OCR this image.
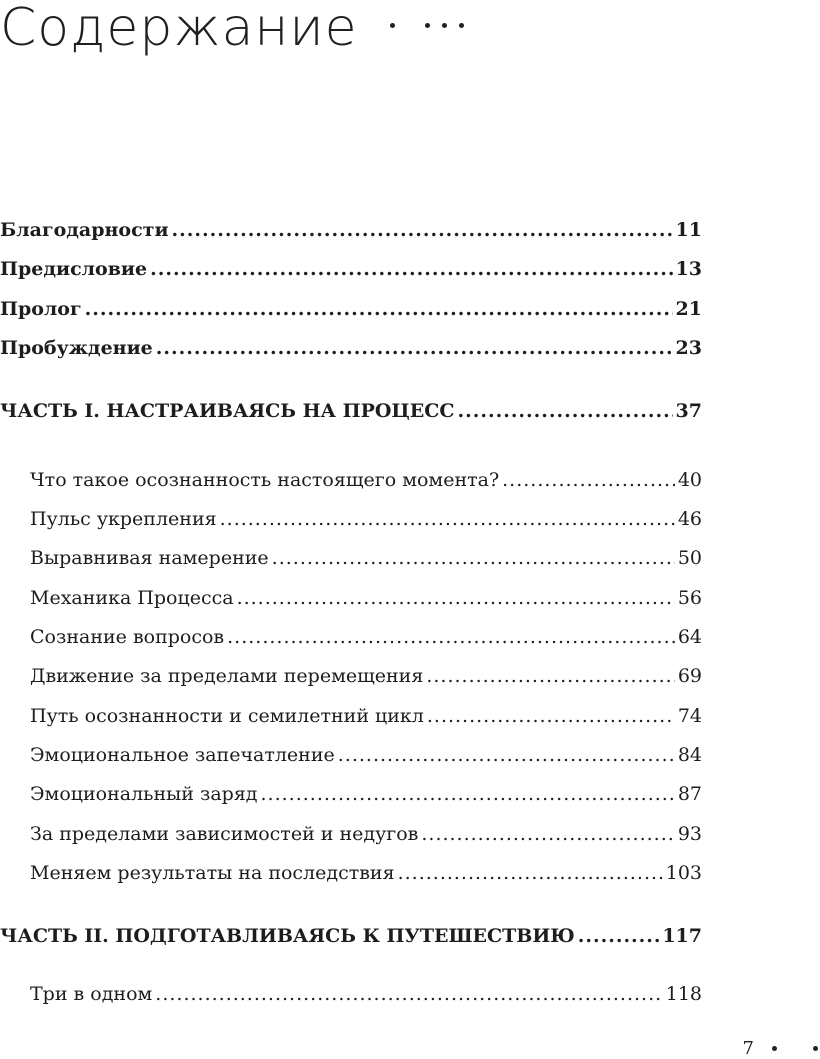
Содержание
Благодарности .....	11
Предисловие .....	13
Пролог .....	21
Пробуждение .....	23
ЧАСТЬ I. НАСТРАИВАЯСЬ НА ПРОЦЕСС .....	37
Что такое осознанность настоящего момента? .....	40
Пульс укрепления .....	46
Выравнивая намерение .....	50
Механика Процесса .....	56
Сознание вопросов .....	64
Движение за пределами перемещения .....	69
Путь осознанности и семилетний цикл .....	74
Эмоциональное запечатление .....	84
Эмоциональный заряд .....	87
За пределами зависимостей и недугов .....	93
Меняем результаты на последствия .....	103
ЧАСТЬ II. ПОДГОТАВЛИВАЯСЬ К ПУТЕШЕСТВИЮ .....	117
Три в одном .....	118
7
